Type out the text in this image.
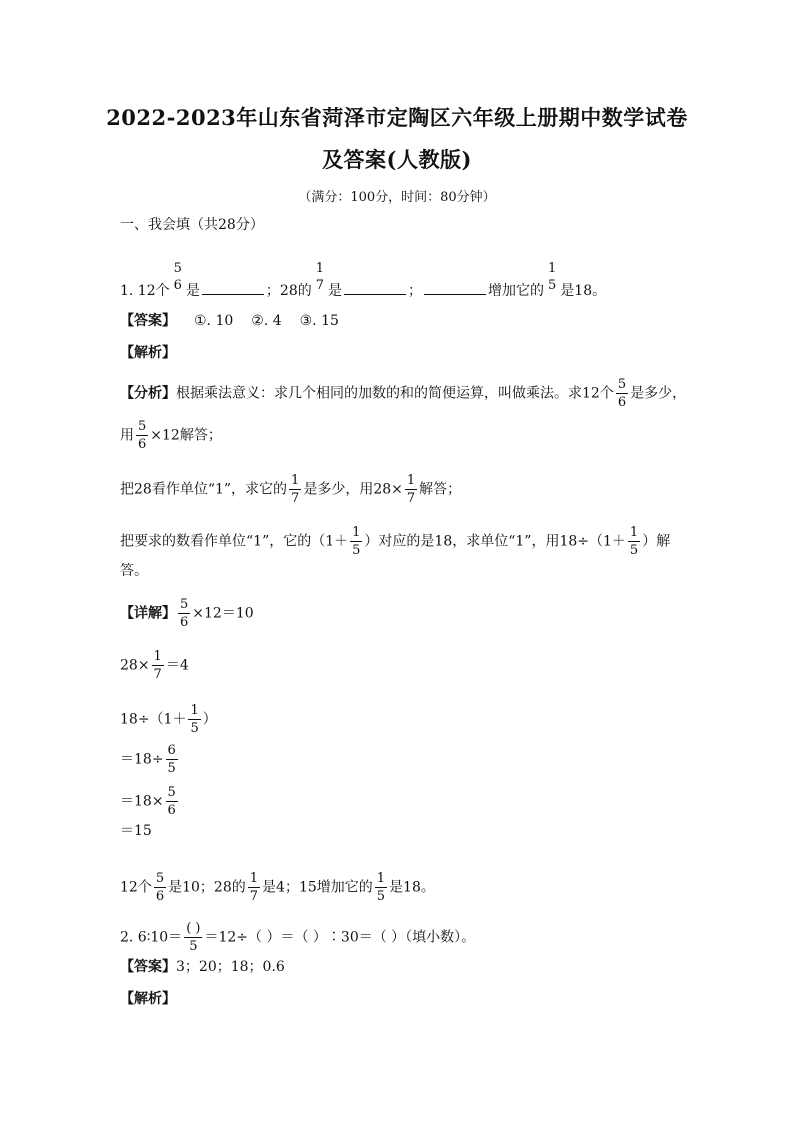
2022-2023年山东省菏泽市定陶区六年级上册期中数学试卷
及答案(人教版)
（满分：100分，时间：80分钟）
一、我会填（共28分）
1. 12个
5
6 是	；28的
1
7 是	；	增加它的
1
5 是18。
【答案】 ①. 10 ②. 4 ③. 15
【解析】
【分析】根据乘法意义：求几个相同的加数的和的简便运算，叫做乘法。求12个 $\frac{5}{6}$ 是多少，
用 $\frac{5}{6} \times 12$解答；
把28看作单位“1”，求它的 $\frac{1}{7}$ 是多少，用$28\times \frac{1}{7}$ 解答；
把要求的数看作单位“1”，它的（$1+ \frac{1}{5}$ ）对应的是18，求单位“1”，用$18\div(1+ \frac{1}{5}$ ）解
答。
【详解】 $\frac{5}{6} \times 12=10$
$28\times \frac{1}{7} =4$
$18\div(1+ \frac{1}{5}$ ）
$=18\div \frac{6}{5}$
$=18\times \frac{5}{6}$
＝15
12个 $\frac{5}{6}$ 是10；28的 $\frac{1}{7}$ 是4；15增加它的 $\frac{1}{5}$ 是18。
2. 6∶10＝ $\frac{( )}{5} =12\div$（ ）＝（ ）∶30＝（ ）（填小数）。
【答案】3；20；18；0.6
【解析】
